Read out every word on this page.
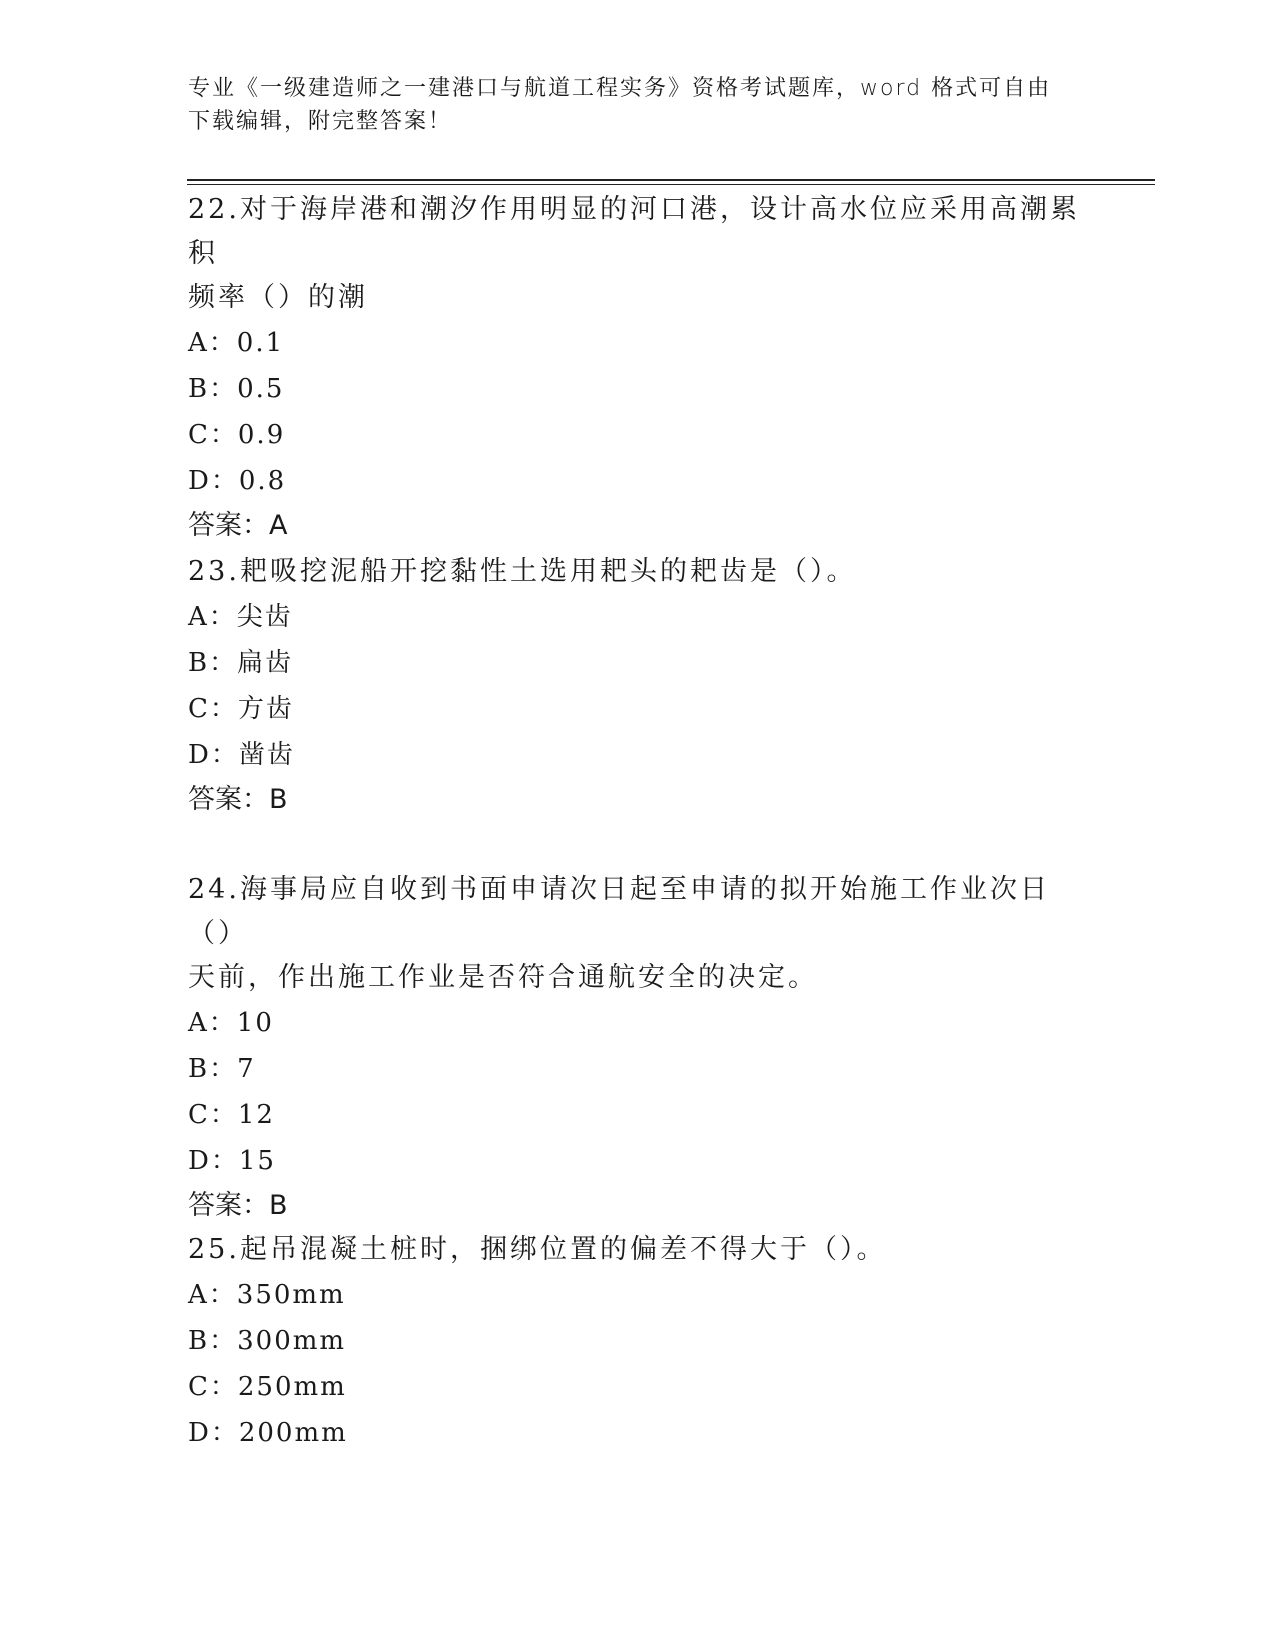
专业《一级建造师之一建港口与航道工程实务》资格考试题库，word 格式可自由
下载编辑，附完整答案！

22.对于海岸港和潮汐作用明显的河口港，设计高水位应采用高潮累积

频率（）的潮

A：0.1

B：0.5

C：0.9

D：0.8

答案：A

23.耙吸挖泥船开挖黏性土选用耙头的耙齿是（）。

A：尖齿

B：扁齿

C：方齿

D：凿齿

答案：B

24.海事局应自收到书面申请次日起至申请的拟开始施工作业次日（）

天前，作出施工作业是否符合通航安全的决定。

A：10

B：7

C：12

D：15

答案：B

25.起吊混凝土桩时，捆绑位置的偏差不得大于（）。

A：350mm

B：300mm

C：250mm

D：200mm
